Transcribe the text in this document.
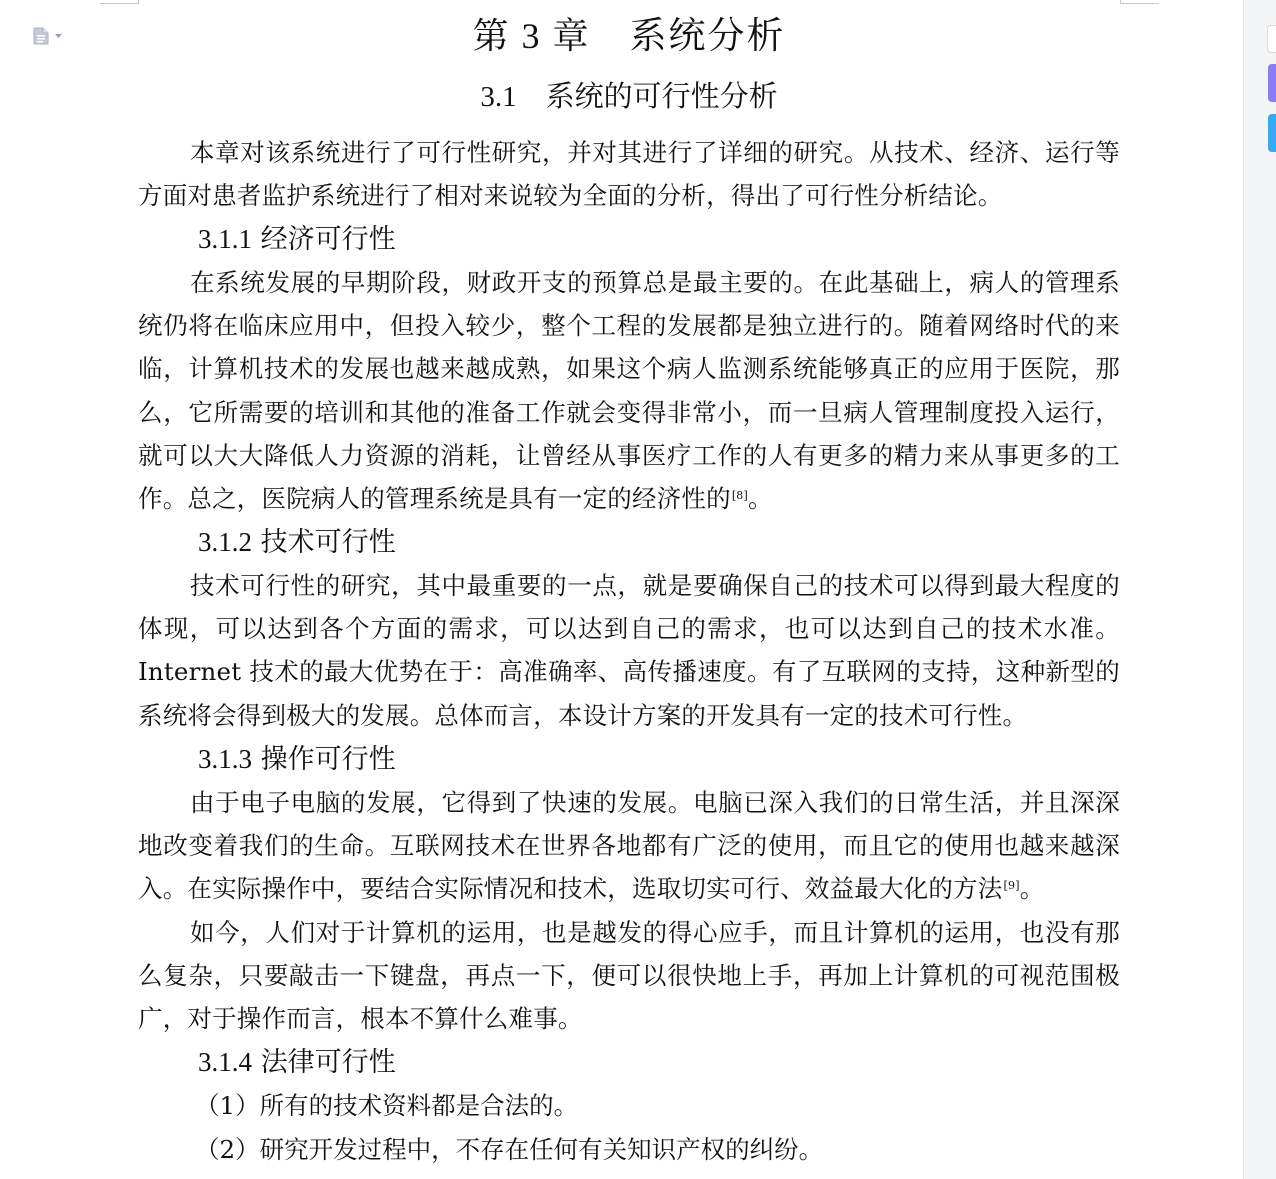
第 3 章　 系统分析
3.1　 系统的可行性分析

本章对该系统进行了可行性研究，并对其进行了详细的研究。从技术、经济、运行等方面对患者监护系统进行了相对来说较为全面的分析，得出了可行性分析结论。

3.1.1 经济可行性

在系统发展的早期阶段，财政开支的预算总是最主要的。在此基础上，病人的管理系统仍将在临床应用中，但投入较少，整个工程的发展都是独立进行的。随着网络时代的来临，计算机技术的发展也越来越成熟，如果这个病人监测系统能够真正的应用于医院，那么，它所需要的培训和其他的准备工作就会变得非常小，而一旦病人管理制度投入运行，就可以大大降低人力资源的消耗，让曾经从事医疗工作的人有更多的精力来从事更多的工作。总之，医院病人的管理系统是具有一定的经济性的[8]。

3.1.2 技术可行性

技术可行性的研究，其中最重要的一点，就是要确保自己的技术可以得到最大程度的体现，可以达到各个方面的需求，可以达到自己的需求，也可以达到自己的技术水准。Internet 技术的最大优势在于：高准确率、高传播速度。有了互联网的支持，这种新型的系统将会得到极大的发展。总体而言，本设计方案的开发具有一定的技术可行性。

3.1.3 操作可行性

由于电子电脑的发展，它得到了快速的发展。电脑已深入我们的日常生活，并且深深地改变着我们的生命。互联网技术在世界各地都有广泛的使用，而且它的使用也越来越深入。在实际操作中，要结合实际情况和技术，选取切实可行、效益最大化的方法[9]。

如今，人们对于计算机的运用，也是越发的得心应手，而且计算机的运用，也没有那么复杂，只要敲击一下键盘，再点一下，便可以很快地上手，再加上计算机的可视范围极广，对于操作而言，根本不算什么难事。

3.1.4 法律可行性

（1）所有的技术资料都是合法的。

（2）研究开发过程中，不存在任何有关知识产权的纠纷。
